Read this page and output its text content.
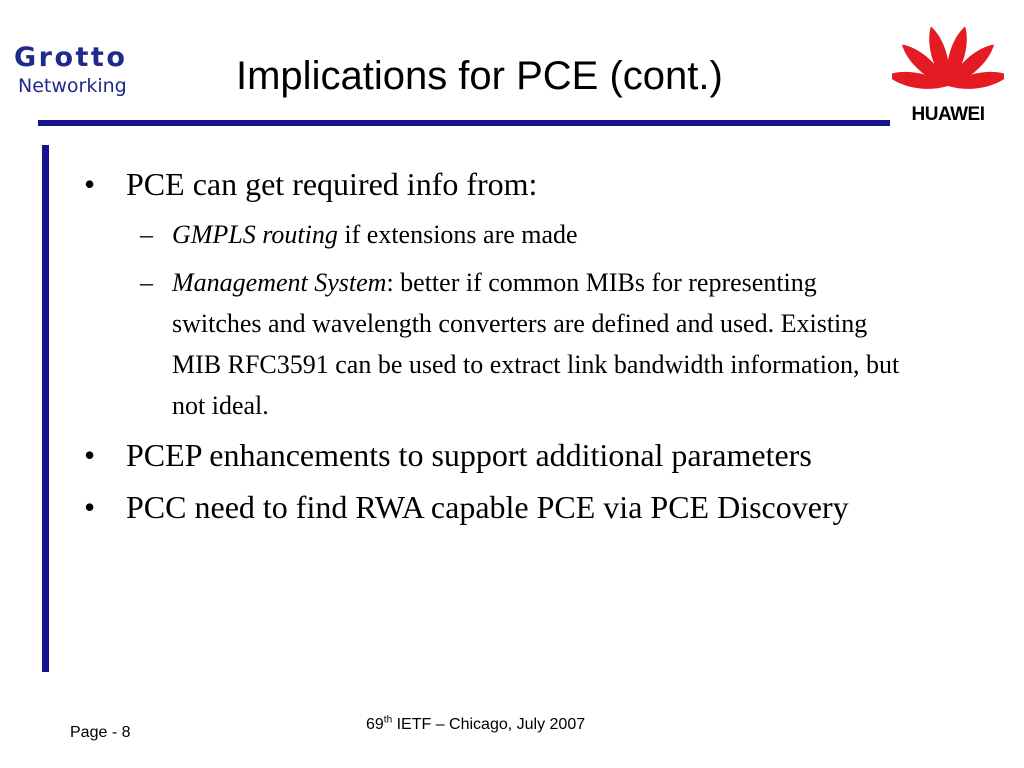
Grotto
Networking	Implications for PCE (cont.)
HUAWEI
• PCE can get required info from:
– GMPLS routing if extensions are made
– Management System: better if common MIBs for representing switches and wavelength converters are defined and used. Existing MIB RFC3591 can be used to extract link bandwidth information, but not ideal.
• PCEP enhancements to support additional parameters
• PCC need to find RWA capable PCE via PCE Discovery
Page - 8	69th IETF – Chicago, July 2007
